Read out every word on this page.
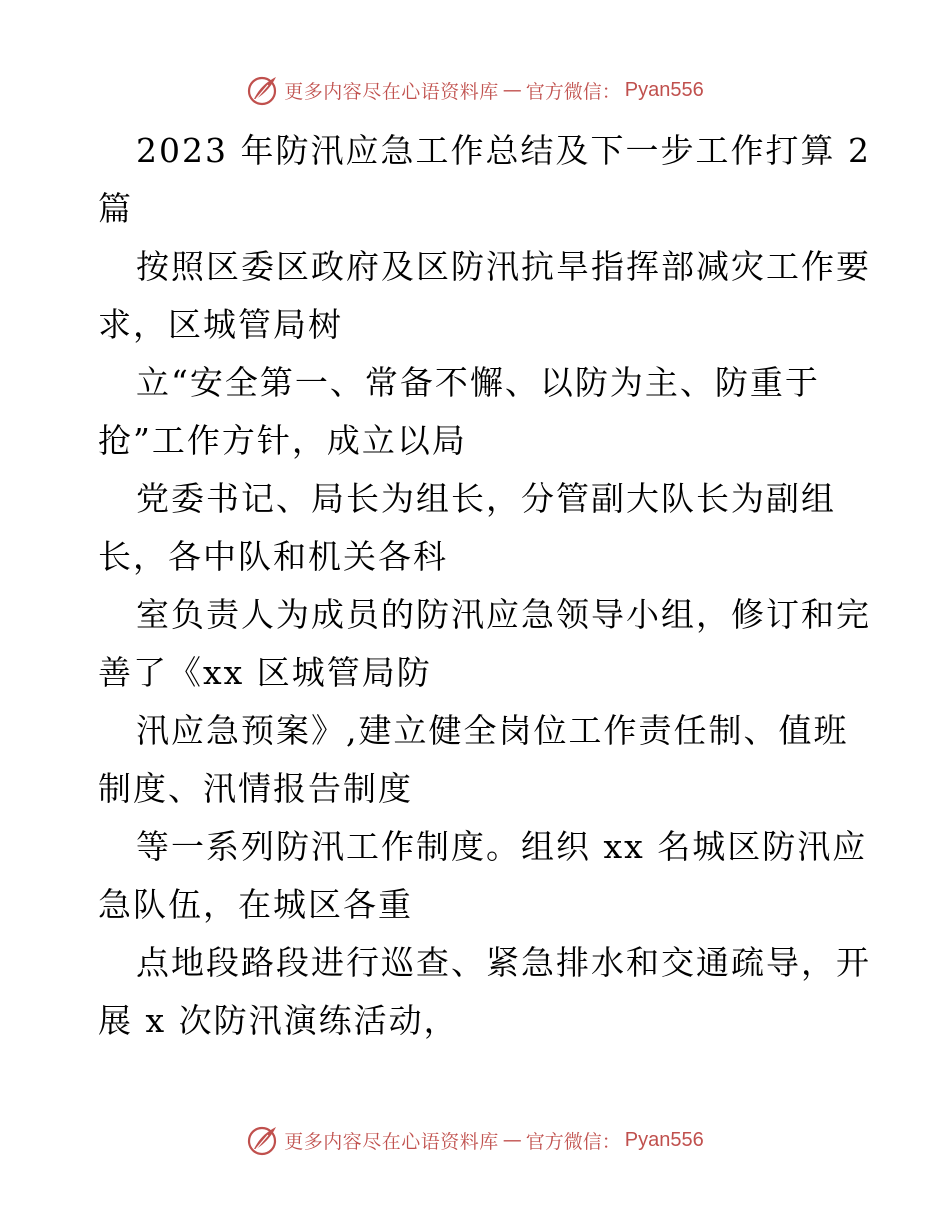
更多内容尽在心语资料库 — 官方微信： Pyan556
2023 年防汛应急工作总结及下一步工作打算 2
篇
按照区委区政府及区防汛抗旱指挥部减灾工作要
求，区城管局树
立“安全第一、常备不懈、以防为主、防重于
抢”工作方针，成立以局
党委书记、局长为组长，分管副大队长为副组
长，各中队和机关各科
室负责人为成员的防汛应急领导小组，修订和完
善了《xx 区城管局防
汛应急预案》,建立健全岗位工作责任制、值班
制度、汛情报告制度
等一系列防汛工作制度。组织 xx 名城区防汛应
急队伍，在城区各重
点地段路段进行巡查、紧急排水和交通疏导，开
展 x 次防汛演练活动，
更多内容尽在心语资料库 — 官方微信： Pyan556
